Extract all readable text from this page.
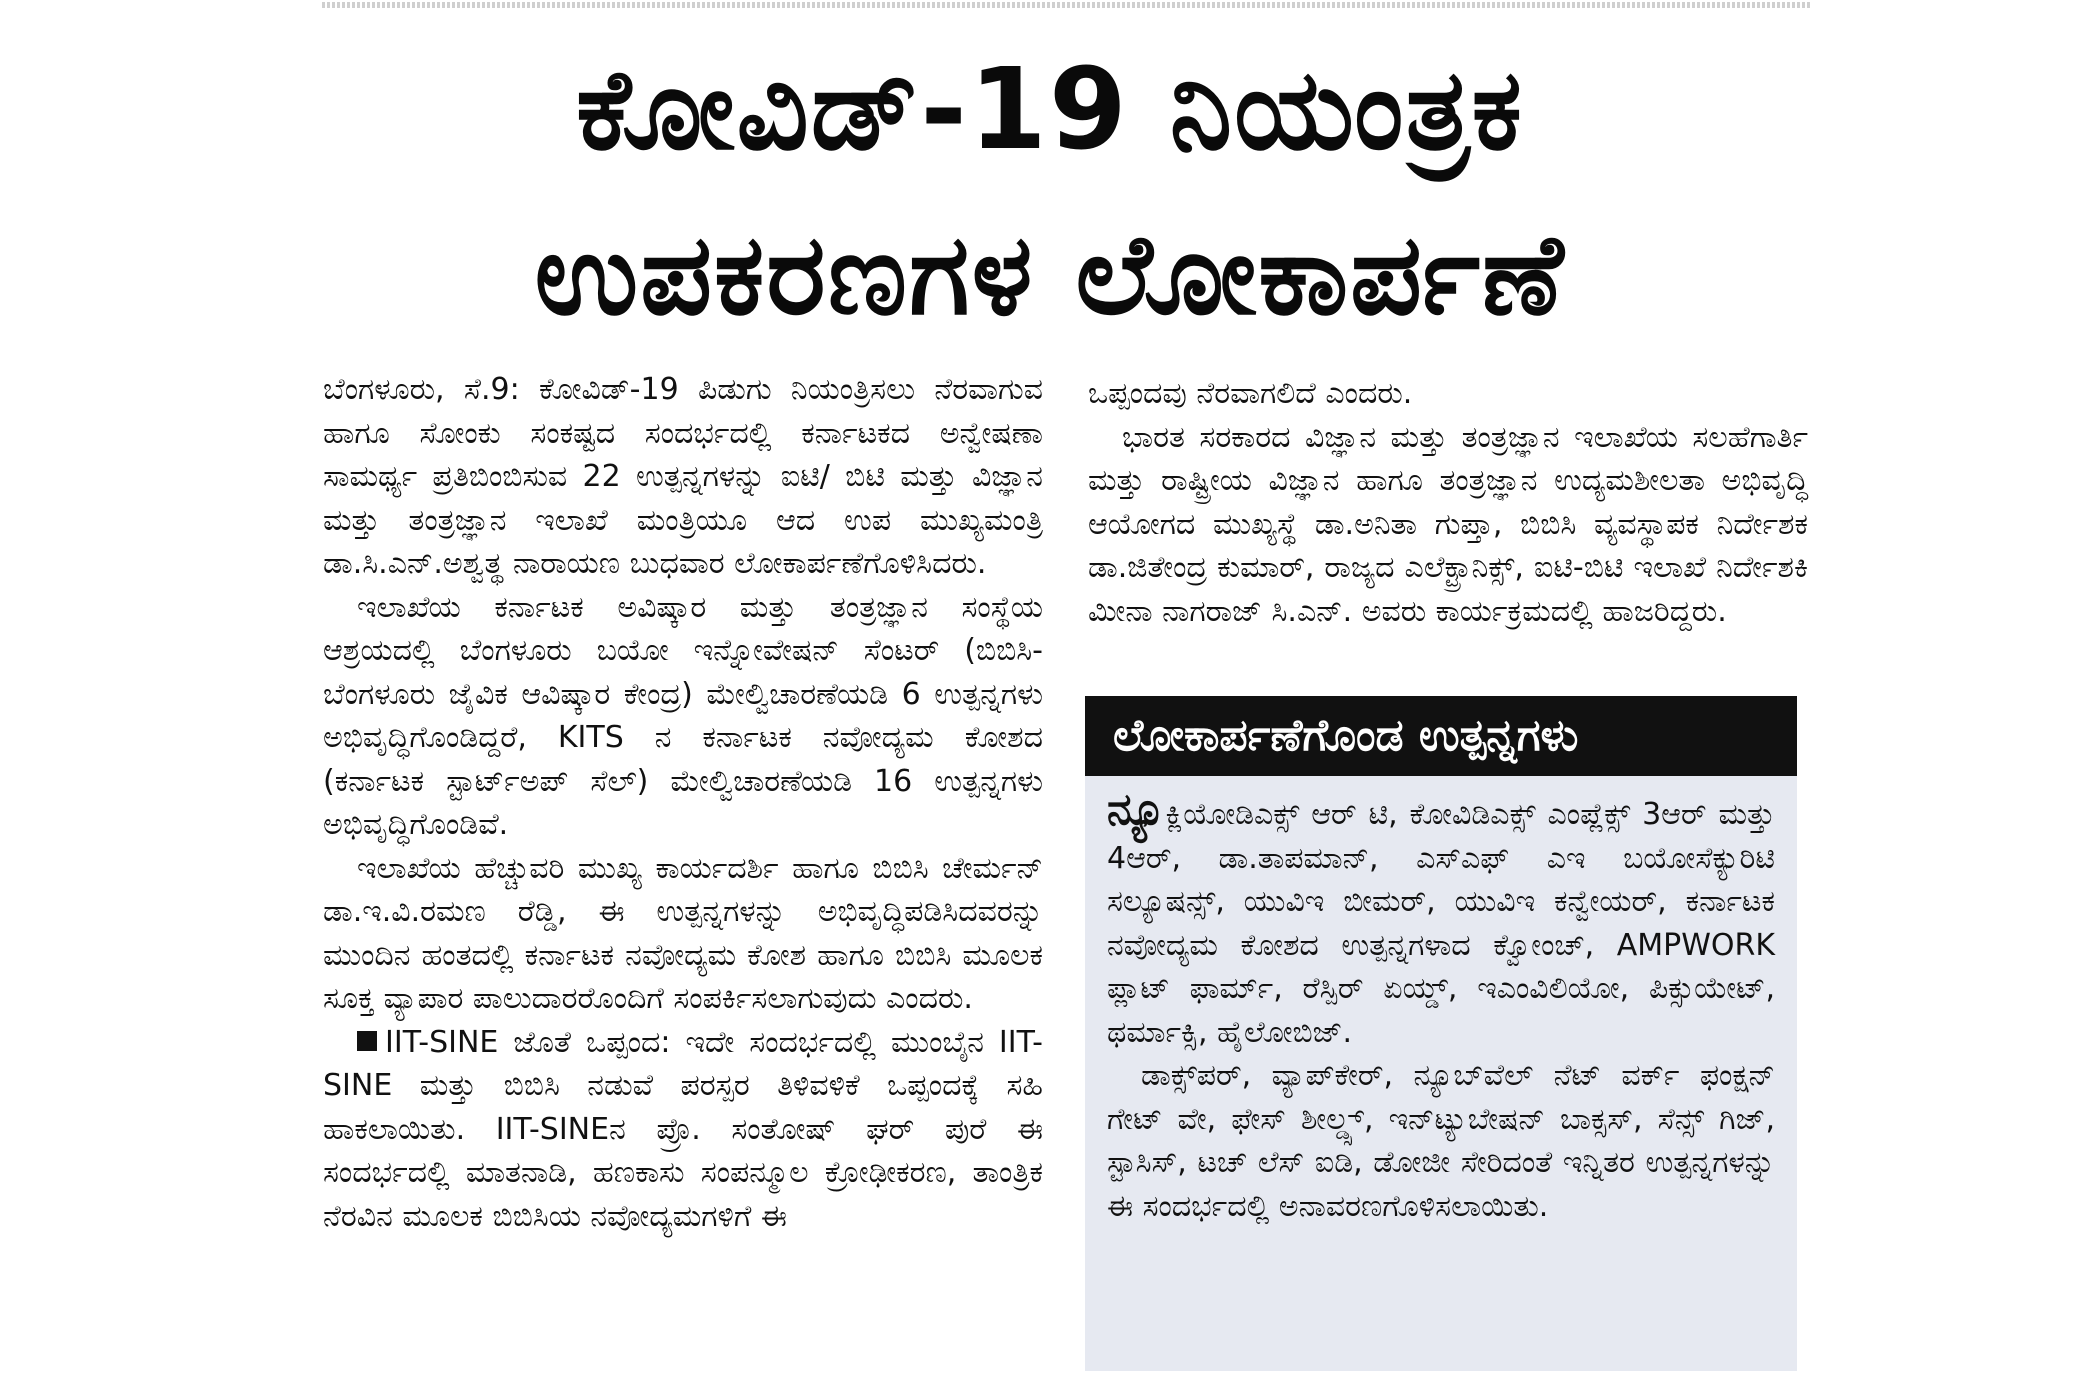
ಕೋವಿಡ್-19 ನಿಯಂತ್ರಕ
ಉಪಕರಣಗಳ ಲೋಕಾರ್ಪಣೆ

ಬೆಂಗಳೂರು, ಸೆ.9: ಕೋವಿಡ್-19 ಪಿಡುಗು ನಿಯಂತ್ರಿಸಲು ನೆರವಾಗುವ ಹಾಗೂ ಸೋಂಕು ಸಂಕಷ್ಟದ ಸಂದರ್ಭದಲ್ಲಿ ಕರ್ನಾಟಕದ ಅನ್ವೇಷಣಾ ಸಾಮರ್ಥ್ಯ ಪ್ರತಿಬಿಂಬಿಸುವ 22 ಉತ್ಪನ್ನಗಳನ್ನು ಐಟಿ/ ಬಿಟಿ ಮತ್ತು ವಿಜ್ಞಾನ ಮತ್ತು ತಂತ್ರಜ್ಞಾನ ಇಲಾಖೆ ಮಂತ್ರಿಯೂ ಆದ ಉಪ ಮುಖ್ಯಮಂತ್ರಿ ಡಾ.ಸಿ.ಎನ್.ಅಶ್ವತ್ಥ ನಾರಾಯಣ ಬುಧವಾರ ಲೋಕಾರ್ಪಣೆಗೊಳಿಸಿದರು.

ಇಲಾಖೆಯ ಕರ್ನಾಟಕ ಅವಿಷ್ಕಾರ ಮತ್ತು ತಂತ್ರಜ್ಞಾನ ಸಂಸ್ಥೆಯ ಆಶ್ರಯದಲ್ಲಿ ಬೆಂಗಳೂರು ಬಯೋ ಇನ್ನೋವೇಷನ್ ಸೆಂಟರ್ (ಬಿಬಿಸಿ-ಬೆಂಗಳೂರು ಜೈವಿಕ ಆವಿಷ್ಕಾರ ಕೇಂದ್ರ) ಮೇಲ್ವಿಚಾರಣೆಯಡಿ 6 ಉತ್ಪನ್ನಗಳು ಅಭಿವೃದ್ಧಿಗೊಂಡಿದ್ದರೆ, KITS ನ ಕರ್ನಾಟಕ ನವೋದ್ಯಮ ಕೋಶದ (ಕರ್ನಾಟಕ ಸ್ಟಾರ್ಟ್‌ಅಪ್ ಸೆಲ್) ಮೇಲ್ವಿಚಾರಣೆಯಡಿ 16 ಉತ್ಪನ್ನಗಳು ಅಭಿವೃದ್ಧಿಗೊಂಡಿವೆ.

ಇಲಾಖೆಯ ಹೆಚ್ಚುವರಿ ಮುಖ್ಯ ಕಾರ್ಯದರ್ಶಿ ಹಾಗೂ ಬಿಬಿಸಿ ಚೇರ್ಮನ್ ಡಾ.ಇ.ವಿ.ರಮಣ ರೆಡ್ಡಿ, ಈ ಉತ್ಪನ್ನಗಳನ್ನು ಅಭಿವೃದ್ಧಿಪಡಿಸಿದವರನ್ನು ಮುಂದಿನ ಹಂತದಲ್ಲಿ ಕರ್ನಾಟಕ ನವೋದ್ಯಮ ಕೋಶ ಹಾಗೂ ಬಿಬಿಸಿ ಮೂಲಕ ಸೂಕ್ತ ವ್ಯಾಪಾರ ಪಾಲುದಾರರೊಂದಿಗೆ ಸಂಪರ್ಕಿಸಲಾಗುವುದು ಎಂದರು.

IIT-SINE ಜೊತೆ ಒಪ್ಪಂದ: ಇದೇ ಸಂದರ್ಭದಲ್ಲಿ ಮುಂಬೈನ IIT-SINE ಮತ್ತು ಬಿಬಿಸಿ ನಡುವೆ ಪರಸ್ಪರ ತಿಳಿವಳಿಕೆ ಒಪ್ಪಂದಕ್ಕೆ ಸಹಿ ಹಾಕಲಾಯಿತು. IIT-SINEನ ಪ್ರೊ. ಸಂತೋಷ್ ಘರ್ ಪುರೆ ಈ ಸಂದರ್ಭದಲ್ಲಿ ಮಾತನಾಡಿ, ಹಣಕಾಸು ಸಂಪನ್ಮೂಲ ಕ್ರೋಢೀಕರಣ, ತಾಂತ್ರಿಕ ನೆರವಿನ ಮೂಲಕ ಬಿಬಿಸಿಯ ನವೋದ್ಯಮಗಳಿಗೆ ಈ

ಒಪ್ಪಂದವು ನೆರವಾಗಲಿದೆ ಎಂದರು.

ಭಾರತ ಸರಕಾರದ ವಿಜ್ಞಾನ ಮತ್ತು ತಂತ್ರಜ್ಞಾನ ಇಲಾಖೆಯ ಸಲಹೆಗಾರ್ತಿ ಮತ್ತು ರಾಷ್ಟ್ರೀಯ ವಿಜ್ಞಾನ ಹಾಗೂ ತಂತ್ರಜ್ಞಾನ ಉದ್ಯಮಶೀಲತಾ ಅಭಿವೃದ್ಧಿ ಆಯೋಗದ ಮುಖ್ಯಸ್ಥೆ ಡಾ.ಅನಿತಾ ಗುಪ್ತಾ, ಬಿಬಿಸಿ ವ್ಯವಸ್ಥಾಪಕ ನಿರ್ದೇಶಕ ಡಾ.ಜಿತೇಂದ್ರ ಕುಮಾರ್, ರಾಜ್ಯದ ಎಲೆಕ್ಟ್ರಾನಿಕ್ಸ್, ಐಟಿ-ಬಿಟಿ ಇಲಾಖೆ ನಿರ್ದೇಶಕಿ ಮೀನಾ ನಾಗರಾಜ್ ಸಿ.ಎನ್. ಅವರು ಕಾರ್ಯಕ್ರಮದಲ್ಲಿ ಹಾಜರಿದ್ದರು.

ಲೋಕಾರ್ಪಣೆಗೊಂಡ ಉತ್ಪನ್ನಗಳು

ನ್ಯೂಕ್ಲಿಯೋಡಿಎಕ್ಸ್ ಆರ್ ಟಿ, ಕೋವಿಡಿಎಕ್ಸ್ ಎಂಪ್ಲೆಕ್ಸ್ 3ಆರ್ ಮತ್ತು 4ಆರ್, ಡಾ.ತಾಪಮಾನ್, ಎಸ್‌ಎಫ್ ಎಇ ಬಯೋಸೆಕ್ಯುರಿಟಿ ಸಲ್ಯೂಷನ್ಸ್, ಯುವಿಇ ಬೀಮರ್, ಯುವಿಇ ಕನ್ವೇಯರ್, ಕರ್ನಾಟಕ ನವೋದ್ಯಮ ಕೋಶದ ಉತ್ಪನ್ನಗಳಾದ ಕ್ವೋಂಚ್, AMPWORK ಪ್ಲಾಟ್ ಫಾರ್ಮ್, ರೆಸ್ಪಿರ್ ಏಯ್ಡ್, ಇಎಂವಿಲಿಯೋ, ಪಿಕ್ಸುಯೇಟ್, ಥರ್ಮಾಕ್ಸಿ, ಹೈಲೋಬಿಜ್.

ಡಾಕ್ಸ್‌ಪರ್, ವ್ಯಾಪ್‌ಕೇರ್, ನ್ಯೂಬ್‌ವೆಲ್ ನೆಟ್ ವರ್ಕ್ ಫಂಕ್ಷನ್ ಗೇಟ್ ವೇ, ಫೇಸ್ ಶೀಲ್ಡ್ಸ್, ಇನ್‌ಟ್ಯುಬೇಷನ್ ಬಾಕ್ಸಸ್, ಸೆನ್ಸ್ ಗಿಜ್, ಸ್ಟಾಸಿಸ್, ಟಚ್ ಲೆಸ್ ಐಡಿ, ಡೋಜೀ ಸೇರಿದಂತೆ ಇನ್ನಿತರ ಉತ್ಪನ್ನಗಳನ್ನು ಈ ಸಂದರ್ಭದಲ್ಲಿ ಅನಾವರಣಗೊಳಿಸಲಾಯಿತು.
